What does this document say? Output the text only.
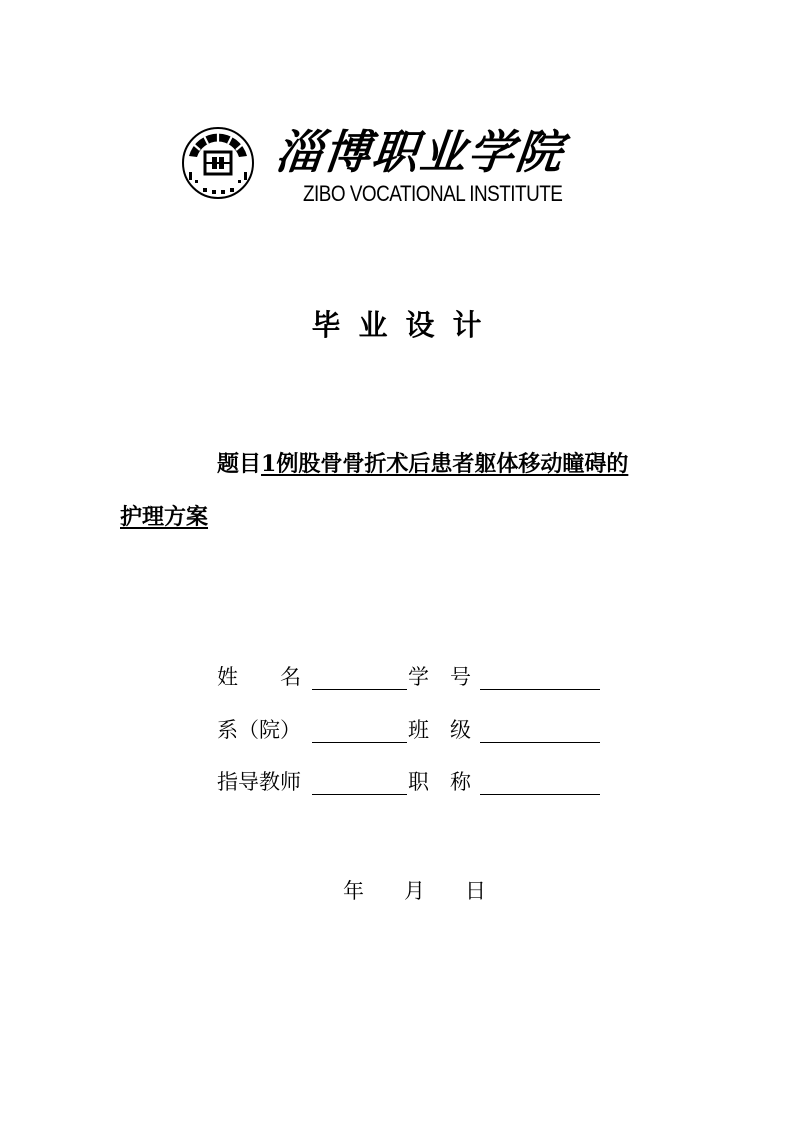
淄博职业学院
ZIBO VOCATIONAL INSTITUTE
毕业设计
题目1例股骨骨折术后患者躯体移动瞳碍的
护理方案
姓　　名	学　号
系（院）	班　级
指导教师	职　称
年 月 日
